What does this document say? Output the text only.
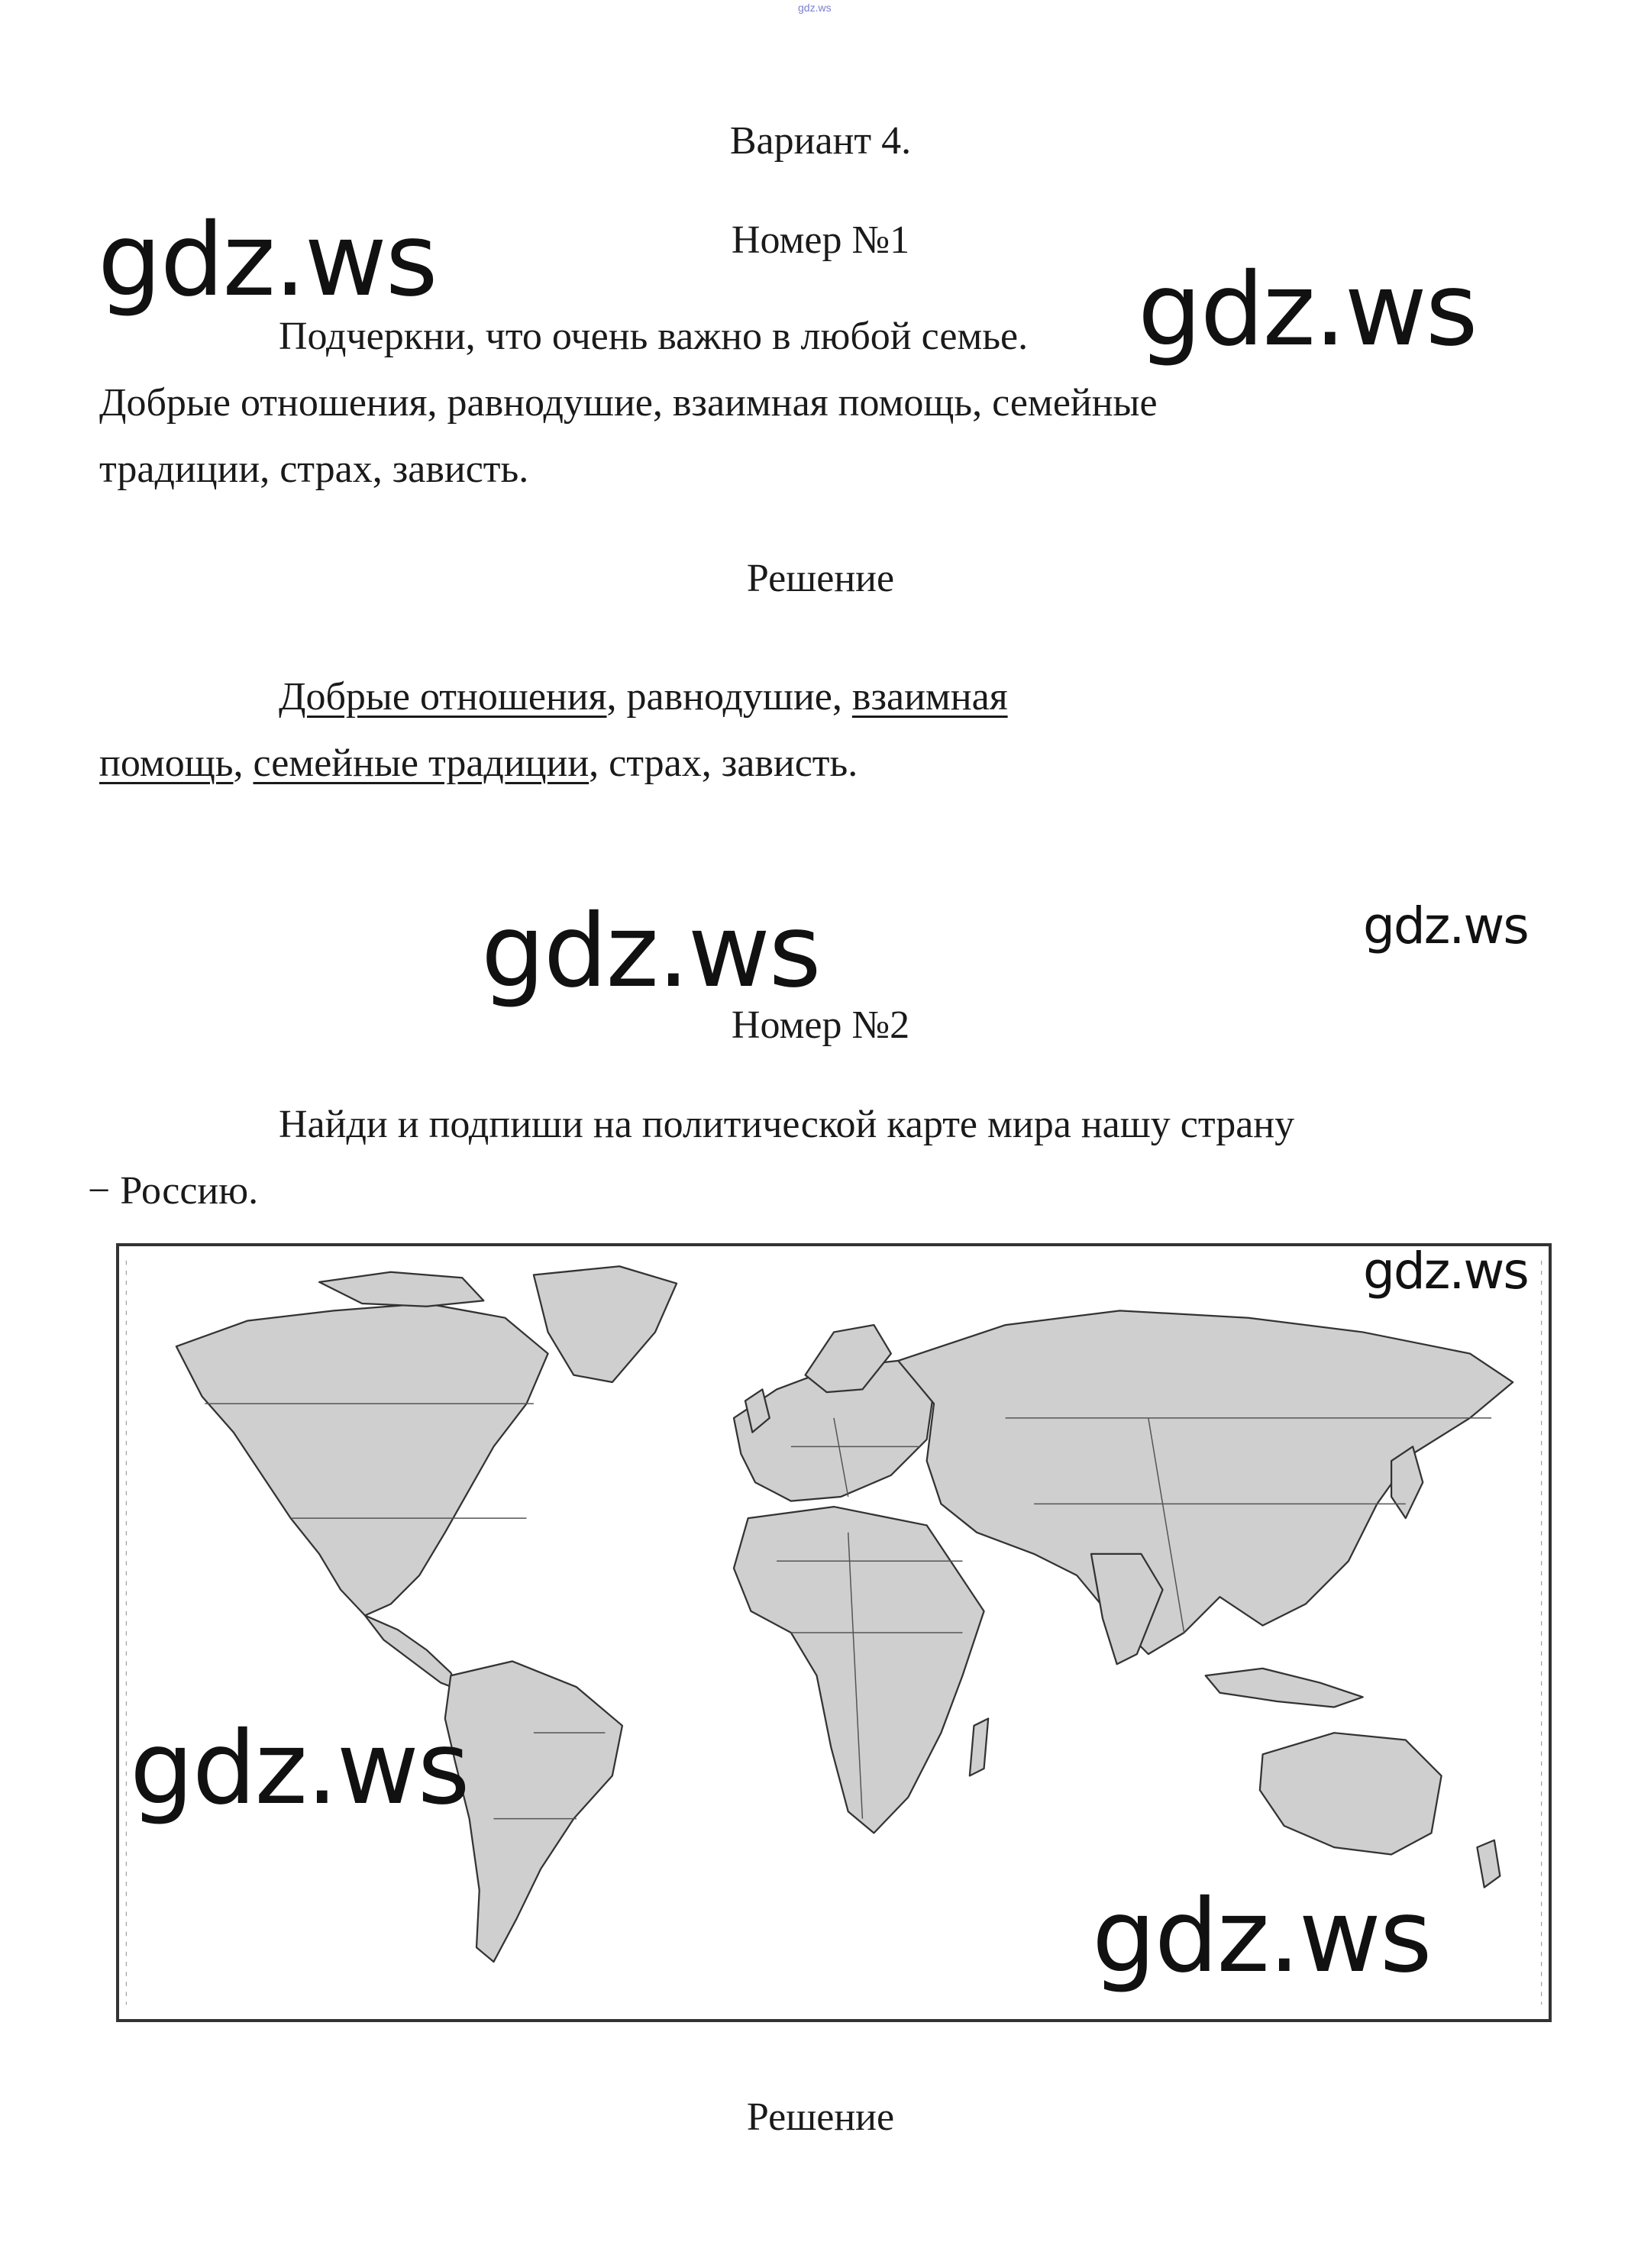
gdz.ws
Вариант 4.
Номер №1
gdz.ws	gdz.ws
Подчеркни, что очень важно в любой семье.
Добрые отношения, равнодушие, взаимная помощь, семейные
традиции, страх, зависть.
Решение
Добрые отношения, равнодушие, взаимная
помощь, семейные традиции, страх, зависть.
gdz.ws	gdz.ws
Номер №2
Найди и подпиши на политической карте мира нашу страну
− Россию.
gdz.ws
gdz.ws
gdz.ws
Решение
